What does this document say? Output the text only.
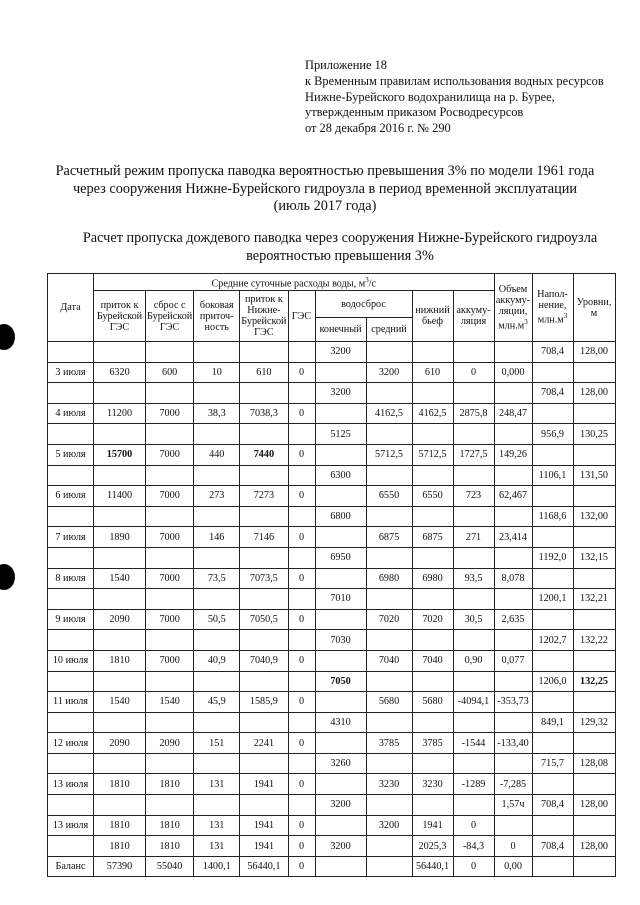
Приложение 18
к Временным правилам использования водных ресурсов
Нижне-Бурейского водохранилища на р. Бурее,
утвержденным приказом Росводресурсов
от 28 декабря 2016 г. № 290
Расчетный режим пропуска паводка вероятностью превышения 3% по модели 1961 года
через сооружения Нижне-Бурейского гидроузла в период временной эксплуатации
(июль 2017 года)
Расчет пропуска дождевого паводка через сооружения Нижне-Бурейского гидроузла
вероятностью превышения 3%
Дата	Средние суточные расходы воды, $м^3/с$									Объем аккуму-ляции, $млн.м^3$	Напол-нение, $млн.м^3$	Уровни, м
	приток к Бурейской ГЭС	сброс с Бурейской ГЭС	боковая приточ-ность	приток к Нижне-Бурейской ГЭС	ГЭС	водосброс		нижний бьеф	аккуму-ляция			
						конечный	средний					
						3200					708,4	128,00
3 июля	6320	600	10	610	0		3200	610	0	0,000		
						3200					708,4	128,00
4 июля	11200	7000	38,3	7038,3	0		4162,5	4162,5	2875,8	248,47		
						5125					956,9	130,25
5 июля	15700	7000	440	7440	0		5712,5	5712,5	1727,5	149,26		
						6300					1106,1	131,50
6 июля	11400	7000	273	7273	0		6550	6550	723	62,467		
						6800					1168,6	132,00
7 июля	1890	7000	146	7146	0		6875	6875	271	23,414		
						6950					1192,0	132,15
8 июля	1540	7000	73,5	7073,5	0		6980	6980	93,5	8,078		
						7010					1200,1	132,21
9 июля	2090	7000	50,5	7050,5	0		7020	7020	30,5	2,635		
						7030					1202,7	132,22
10 июля	1810	7000	40,9	7040,9	0		7040	7040	0,90	0,077		
						7050					1206,0	132,25
11 июля	1540	1540	45,9	1585,9	0		5680	5680	-4094,1	-353,73		
						4310					849,1	129,32
12 июля	2090	2090	151	2241	0		3785	3785	-1544	-133,40		
						3260					715,7	128,08
13 июля	1810	1810	131	1941	0		3230	3230	-1289	-7,285		
						3200				1,57ч	708,4	128,00
13 июля	1810	1810	131	1941	0		3200	1941	0			
	1810	1810	131	1941	0	3200		2025,3	-84,3	0	708,4	128,00
Баланс	57390	55040	1400,1	56440,1	0			56440,1	0	0,00		
